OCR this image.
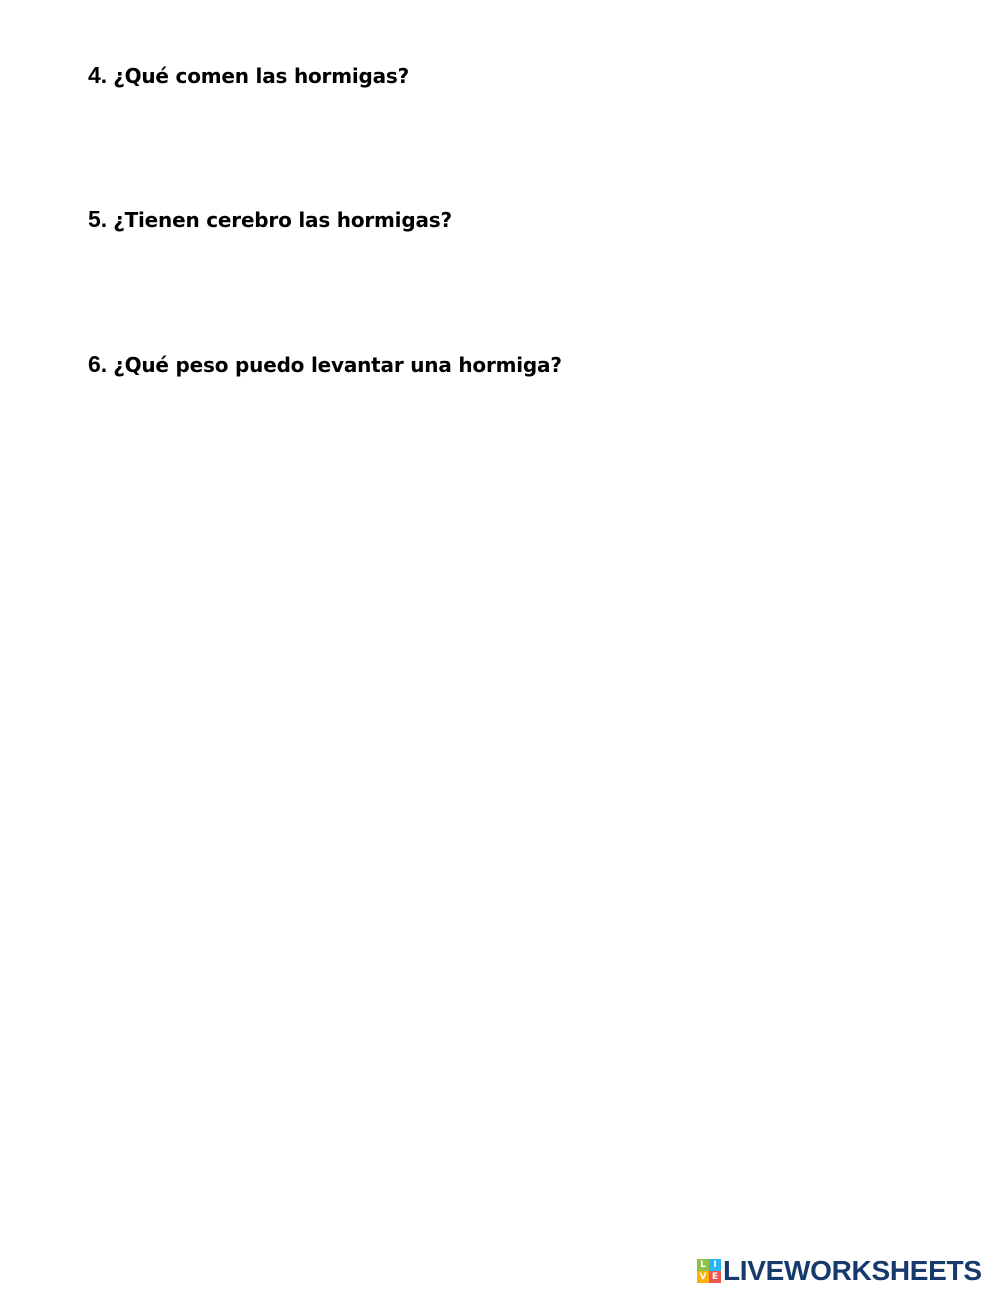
4. ¿Qué comen las hormigas?
5. ¿Tienen cerebro las hormigas?
6. ¿Qué peso puedo levantar una hormiga?
L I
V E LIVEWORKSHEETS
